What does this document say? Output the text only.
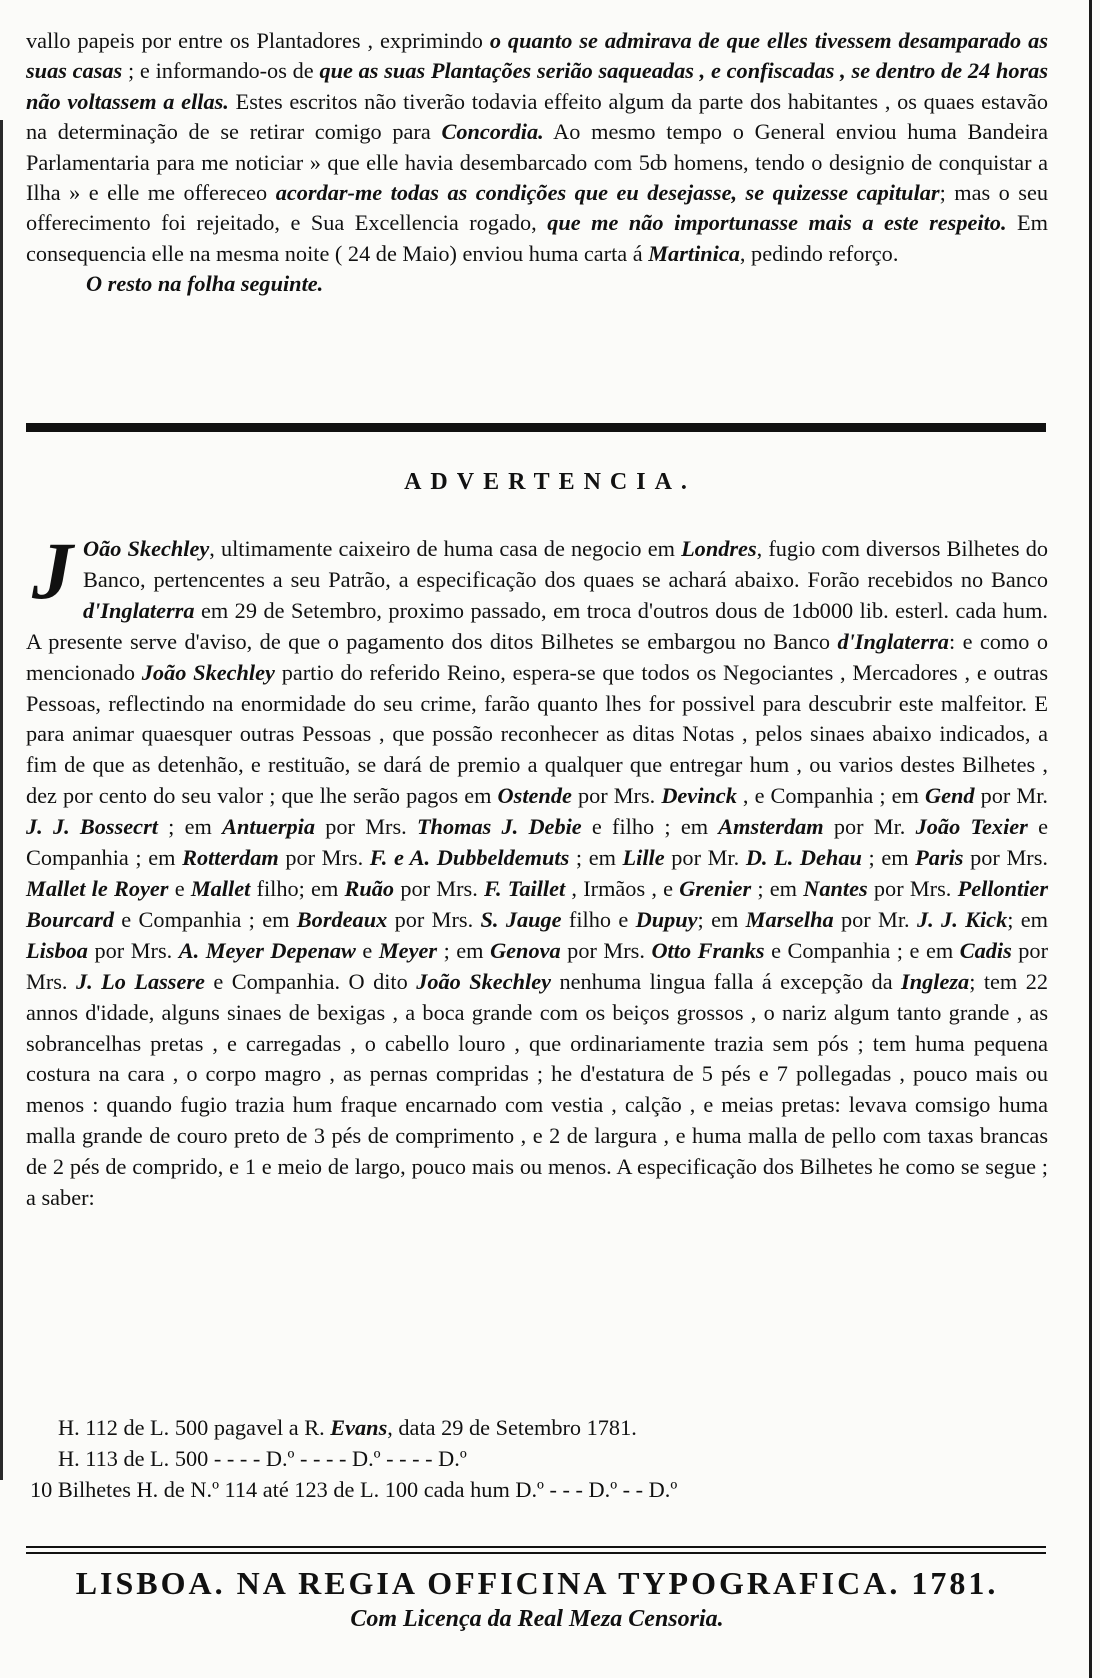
vallo papeis por entre os Plantadores , exprimindo o quanto se admirava de que elles tivessem desamparado as suas casas ; e informando-os de que as suas Plantações serião saqueadas , e confiscadas , se dentro de 24 horas não voltassem a ellas. Estes escritos não tiverão todavia effeito algum da parte dos habitantes , os quaes estavão na determinação de se retirar comigo para Concordia. Ao mesmo tempo o General enviou huma Bandeira Parlamentaria para me noticiar » que elle havia desembarcado com 5ȸ homens, tendo o designio de conquistar a Ilha » e elle me offereceo acordar-me todas as condições que eu desejasse, se quizesse capitular; mas o seu offerecimento foi rejeitado, e Sua Excellencia rogado, que me não importunasse mais a este respeito. Em consequencia elle na mesma noite ( 24 de Maio) enviou huma carta á Martinica, pedindo reforço.

O resto na folha seguinte.

ADVERTENCIA.
J Oão Skechley, ultimamente caixeiro de huma casa de negocio em Londres, fugio com diversos Bilhetes do Banco, pertencentes a seu Patrão, a especificação dos quaes se achará abaixo. Forão recebidos no Banco d'Inglaterra em 29 de Setembro, proximo passado, em troca d'outros dous de 1ȸ000 lib. esterl. cada hum. A presente serve d'aviso, de que o pagamento dos ditos Bilhetes se embargou no Banco d'Inglaterra: e como o mencionado João Skechley partio do referido Reino, espera-se que todos os Negociantes , Mercadores , e outras Pessoas, reflectindo na enormidade do seu crime, farão quanto lhes for possivel para descubrir este malfeitor. E para animar quaesquer outras Pessoas , que possão reconhecer as ditas Notas , pelos sinaes abaixo indicados, a fim de que as detenhão, e restituão, se dará de premio a qualquer que entregar hum , ou varios destes Bilhetes , dez por cento do seu valor ; que lhe serão pagos em Ostende por Mrs. Devinck , e Companhia ; em Gend por Mr. J. J. Bossecrt ; em Antuerpia por Mrs. Thomas J. Debie e filho ; em Amsterdam por Mr. João Texier e Companhia ; em Rotterdam por Mrs. F. e A. Dubbeldemuts ; em Lille por Mr. D. L. Dehau ; em Paris por Mrs. Mallet le Royer e Mallet filho; em Ruão por Mrs. F. Taillet , Irmãos , e Grenier ; em Nantes por Mrs. Pellontier Bourcard e Companhia ; em Bordeaux por Mrs. S. Jauge filho e Dupuy; em Marselha por Mr. J. J. Kick; em Lisboa por Mrs. A. Meyer Depenaw e Meyer ; em Genova por Mrs. Otto Franks e Companhia ; e em Cadis por Mrs. J. Lo Lassere e Companhia. O dito João Skechley nenhuma lingua falla á excepção da Ingleza; tem 22 annos d'idade, alguns sinaes de bexigas , a boca grande com os beiços grossos , o nariz algum tanto grande , as sobrancelhas pretas , e carregadas , o cabello louro , que ordinariamente trazia sem pós ; tem huma pequena costura na cara , o corpo magro , as pernas compridas ; he d'estatura de 5 pés e 7 pollegadas , pouco mais ou menos : quando fugio trazia hum fraque encarnado com vestia , calção , e meias pretas: levava comsigo huma malla grande de couro preto de 3 pés de comprimento , e 2 de largura , e huma malla de pello com taxas brancas de 2 pés de comprido, e 1 e meio de largo, pouco mais ou menos. A especificação dos Bilhetes he como se segue ; a saber:
H. 112 de L. 500 pagavel a R. Evans, data 29 de Setembro 1781.
H. 113 de L. 500 - - - - D.º - - - - D.º - - - - D.º
10 Bilhetes H. de N.º 114 até 123 de L. 100 cada hum D.º - - - D.º - - D.º
LISBOA. NA REGIA OFFICINA TYPOGRAFICA. 1781.
Com Licença da Real Meza Censoria.
